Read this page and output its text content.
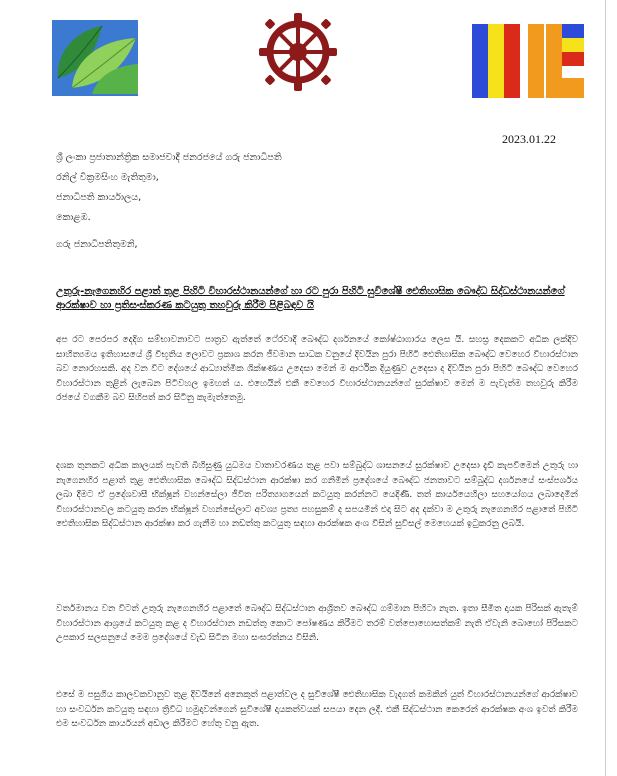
2023.01.22
ශ්‍රී ලංකා ප්‍රජාතාන්ත්‍රික සමාජවාදී ජනරජයේ ගරු ජනාධිපති
රනිල් වික්‍රමසිංහ මැතිතුමා,
ජනාධිපති කාර්යාලය,
කොළඹ.
ගරු ජනාධිපතිතුමනි,
උතුරු-නැගෙනහිර පළාත් තුළ පිහිටි විහාරස්ථානයන්ගේ හා රට පුරා පිහිටි සුවිශේෂී ඓතිහාසික බෞද්ධ සිද්ධස්ථානයන්ගේ ආරක්ෂාව හා ප්‍රතිසංස්කරණ කටයුතු තහවුරු කිරීම පිළිබඳව යි

අප රට පෙරපර දෙදිග සම්භාවනාවට පාත්‍රව ඇත්තේ ථේරවාදී බෞද්ධ දර්ශනයේ කෝෂ්ඨාගාරය ලෙස යි. සහස්‍ර දෙකකට අධික ලක්දිව සාහිත්‍යමය ඉතිහාසයේ ශ්‍රී විභූතිය ලොවට ප්‍රකාශ කරන ජීවමාන සාධක වනුයේ දිවයින පුරා පිහිටි ඓතිහාසික බෞද්ධ වෙහෙර විහාරස්ථාන බව නොරහසකි. අද වන විට දේශයේ ආධ්‍යාත්මික ශික්ෂණය උදෙසා මෙන් ම ආර්ථික දියුණුව උදෙසා ද දිවයින පුරා පිහිටි බෞද්ධ වෙහෙර විහාරස්ථාන තුළින් ලැබෙන පිටිවහල ඉමහත් ය. එහෙයින් එකී වෙහෙර විහාරස්ථානයන්ගේ සුරක්ෂාව මෙන් ම පැවැත්ම තහවුරු කිරීම රජයේ වගකීම බව සිහිපත් කර සිටිනු කැමැත්තෙමු.

දශක තුනකට අධික කාලයක් පැවති බිහිසුණු යුධමය වාතාවරණය තුළ පවා සම්බුද්ධ ශාසනයේ සුරක්ෂාව උදෙසා දැඩි කැපවීමෙන් උතුරු හා නැගෙනහිර පළාත් තුළ ඓතිහාසික බෞද්ධ සිද්ධස්ථාන ආරක්ෂා කර ගනිමින් ප්‍රදේශයේ බෞද්ධ ජනතාවට සම්බුද්ධ දර්ශනයේ සංස්පර්ශය ලබා දීමට ඒ ප්‍රදේශවාසී භික්ෂූන් වහන්සේලා ජීවිත පරිත්‍යාගයෙන් කටයුතු කරන්නට යෙදිණි. තත් කාර්යයෙහිලා සහයෝගය ලබාදෙමින් විහාරස්ථානවල කටයුතු කරන භික්ෂූන් වහන්සේලාට අවශ්‍ය ප්‍රත්‍ය පහසුකම් ද සපයමින් එදා සිට අද දක්වා ම උතුරු නැගෙනහිර පළාතේ පිහිටි ඓතිහාසික සිද්ධස්ථාන ආරක්ෂා කර ගැනීම හා නඩත්තු කටයුතු සඳහා ආරක්ෂක අංශ විසින් සුවිසල් මෙහෙයක් ඉටුකරනු ලබයි.

වර්තමානය වන විටත් උතුරු නැගෙනහිර පළාතේ බෞද්ධ සිද්ධස්ථාන ආශ්‍රිතව බෞද්ධ ගම්මාන පිහිටා නැත. ඉතා සීමිත දායක පිරිසක් ඇතැම් විහාරස්ථාන ආශ්‍රයේ කටයුතු කළ ද විහාරස්ථාන නඩත්තු කොට පෝෂණය කිරීමට තරම් වත්පොහොසත්කම් නැති ඒවැනි බොහෝ පිරිසකට උපකාර සලසනුයේ මෙම ප්‍රදේශයේ වැඩ සිටින මහා සංඝරත්නය විසිනි.

එසේ ම පසුගිය කාලවකවානුව තුළ දිවයිනේ අනෙකුත් පළාත්වල ද සුවිශේෂී ඓතිහාසික වැදගත් කමකින් යුත් විහාරස්ථානයන්ගේ ආරක්ෂාව හා සංවර්ධන කටයුතු සඳහා ත්‍රිවිධ හමුදාවන්ගෙන් සුවිශේෂී දායකත්වයක් සපයා දෙන ලදී. එකී සිද්ධස්ථාන කෙරෙන් ආරක්ෂක අංශ ඉවත් කිරීම එම සංවර්ධන කාර්යයන් අඩාල කිරීමට හේතු වනු ඇත.
